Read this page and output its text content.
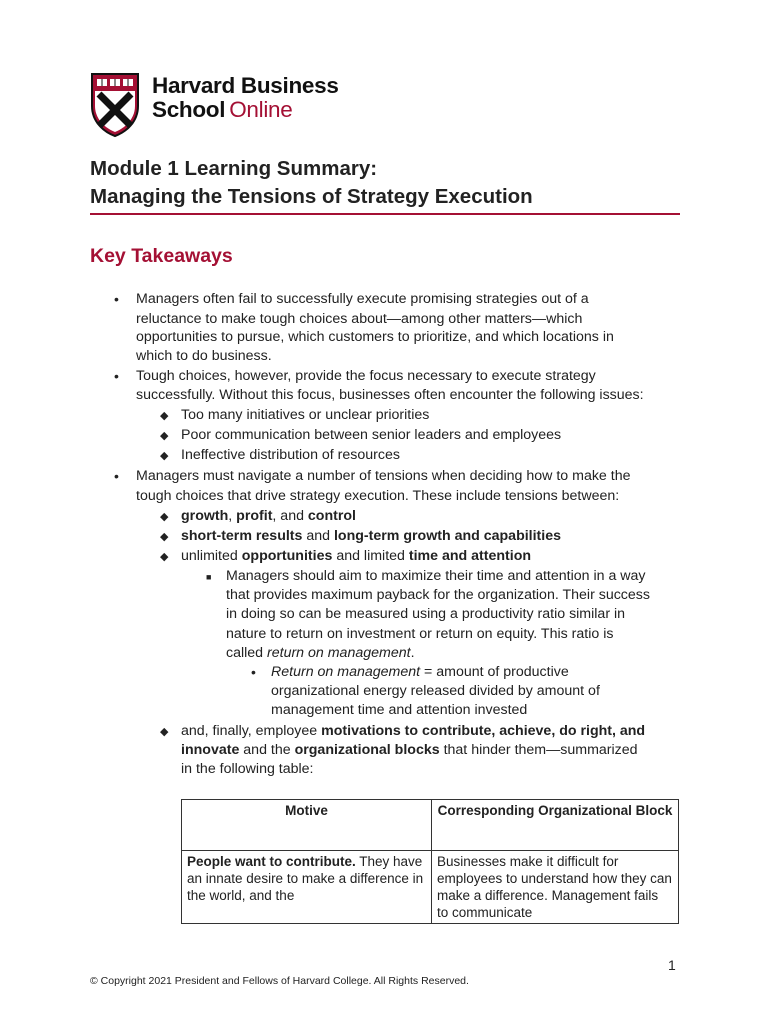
Harvard Business
School Online
Module 1 Learning Summary:
Managing the Tensions of Strategy Execution
Key Takeaways
• Managers often fail to successfully execute promising strategies out of a
reluctance to make tough choices about—among other matters—which
opportunities to pursue, which customers to prioritize, and which locations in
which to do business.
• Tough choices, however, provide the focus necessary to execute strategy
successfully. Without this focus, businesses often encounter the following issues:
◆ Too many initiatives or unclear priorities
◆ Poor communication between senior leaders and employees
◆ Ineffective distribution of resources
• Managers must navigate a number of tensions when deciding how to make the
tough choices that drive strategy execution. These include tensions between:
◆ growth, profit, and control
◆ short-term results and long-term growth and capabilities
◆ unlimited opportunities and limited time and attention
■ Managers should aim to maximize their time and attention in a way
that provides maximum payback for the organization. Their success
in doing so can be measured using a productivity ratio similar in
nature to return on investment or return on equity. This ratio is
called return on management.
• Return on management = amount of productive
organizational energy released divided by amount of
management time and attention invested
◆ and, finally, employee motivations to contribute, achieve, do right, and
innovate and the organizational blocks that hinder them—summarized
in the following table:
Motive	Corresponding Organizational Block
People want to contribute. They have an innate desire to make a difference in the world, and the	Businesses make it difficult for employees to understand how they can make a difference. Management fails to communicate
1
© Copyright 2021 President and Fellows of Harvard College. All Rights Reserved.
